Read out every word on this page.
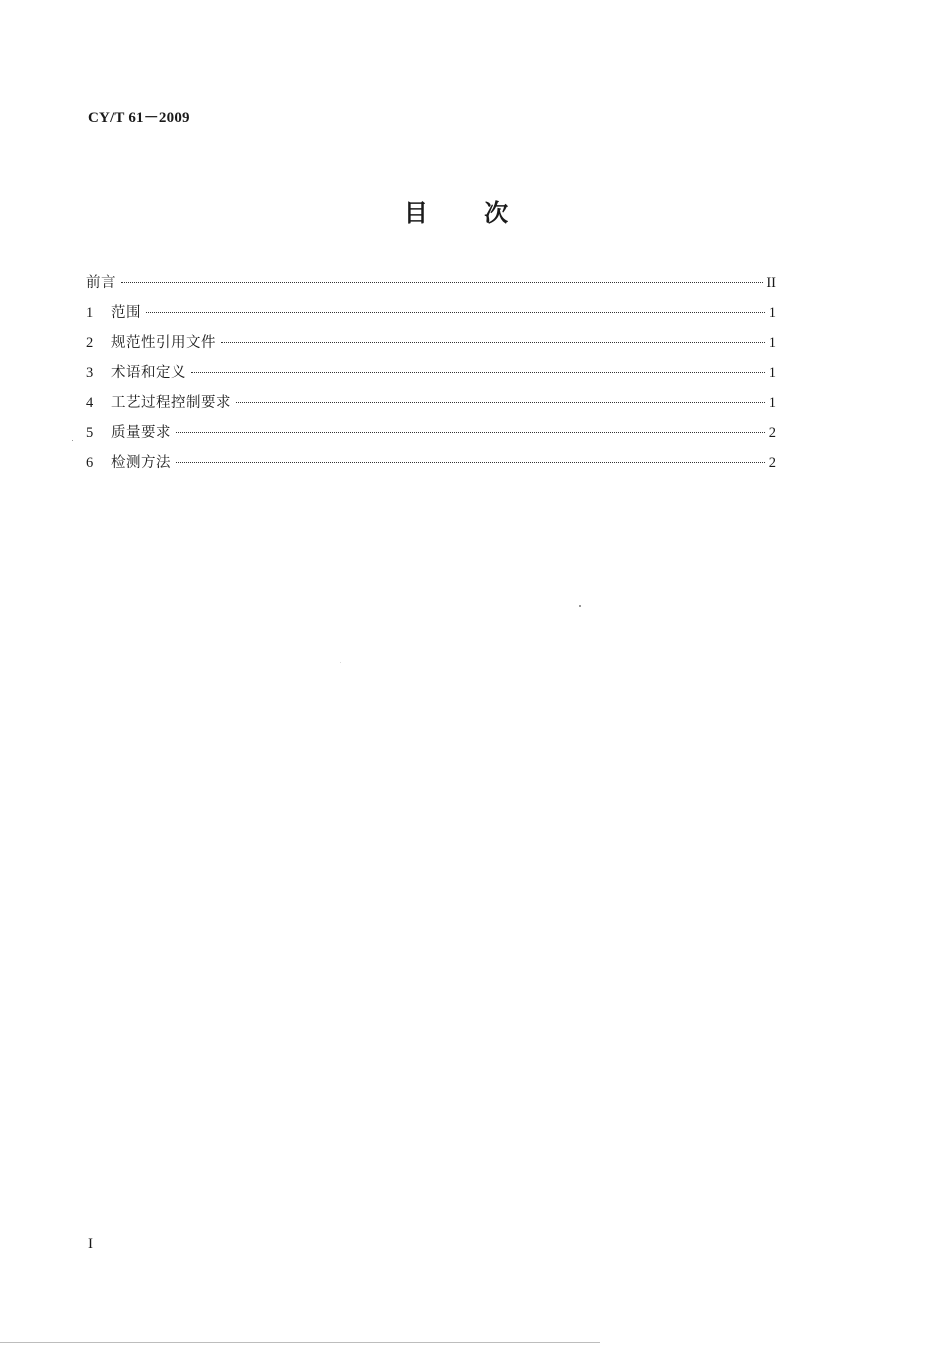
CY/T 61－2009
目 次
前言	II
1	范围	1
2	规范性引用文件	1
3	术语和定义	1
4	工艺过程控制要求	1
5	质量要求	2
6	检测方法	2
I
